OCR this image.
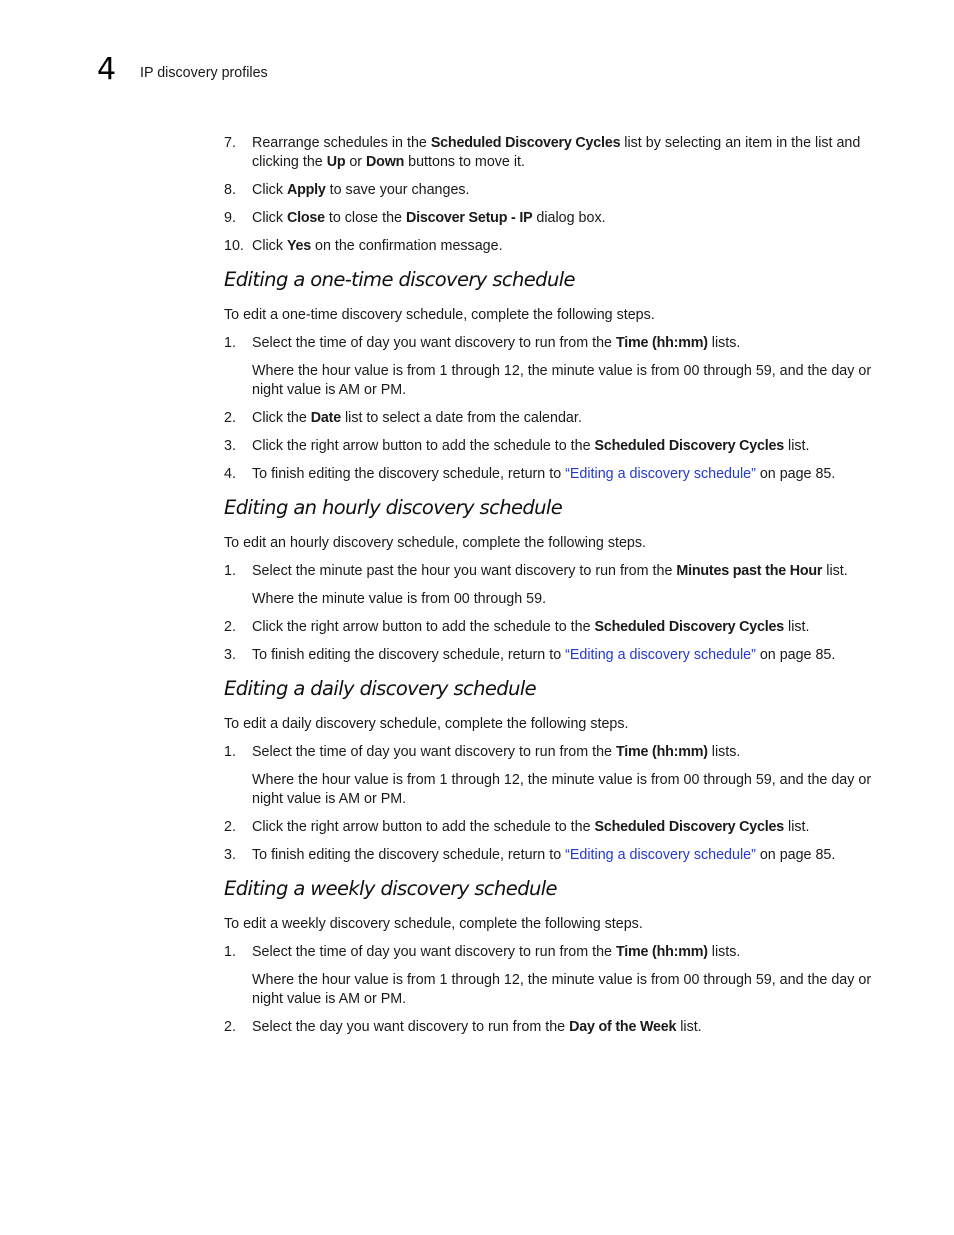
4 IP discovery profiles
7.	Rearrange schedules in the Scheduled Discovery Cycles list by selecting an item in the list and clicking the Up or Down buttons to move it.
8.	Click Apply to save your changes.
9.	Click Close to close the Discover Setup - IP dialog box.
10. Click Yes on the confirmation message.
Editing a one-time discovery schedule

To edit a one-time discovery schedule, complete the following steps.

1.	Select the time of day you want discovery to run from the Time (hh:mm) lists.

Where the hour value is from 1 through 12, the minute value is from 00 through 59, and the day or night value is AM or PM.

2.	Click the Date list to select a date from the calendar.
3.	Click the right arrow button to add the schedule to the Scheduled Discovery Cycles list.
4.	To finish editing the discovery schedule, return to “Editing a discovery schedule” on page 85.
Editing an hourly discovery schedule

To edit an hourly discovery schedule, complete the following steps.

1.	Select the minute past the hour you want discovery to run from the Minutes past the Hour list.

Where the minute value is from 00 through 59.

2.	Click the right arrow button to add the schedule to the Scheduled Discovery Cycles list.
3.	To finish editing the discovery schedule, return to “Editing a discovery schedule” on page 85.
Editing a daily discovery schedule

To edit a daily discovery schedule, complete the following steps.

1.	Select the time of day you want discovery to run from the Time (hh:mm) lists.

Where the hour value is from 1 through 12, the minute value is from 00 through 59, and the day or night value is AM or PM.

2.	Click the right arrow button to add the schedule to the Scheduled Discovery Cycles list.
3.	To finish editing the discovery schedule, return to “Editing a discovery schedule” on page 85.
Editing a weekly discovery schedule

To edit a weekly discovery schedule, complete the following steps.

1.	Select the time of day you want discovery to run from the Time (hh:mm) lists.

Where the hour value is from 1 through 12, the minute value is from 00 through 59, and the day or night value is AM or PM.

2.	Select the day you want discovery to run from the Day of the Week list.
